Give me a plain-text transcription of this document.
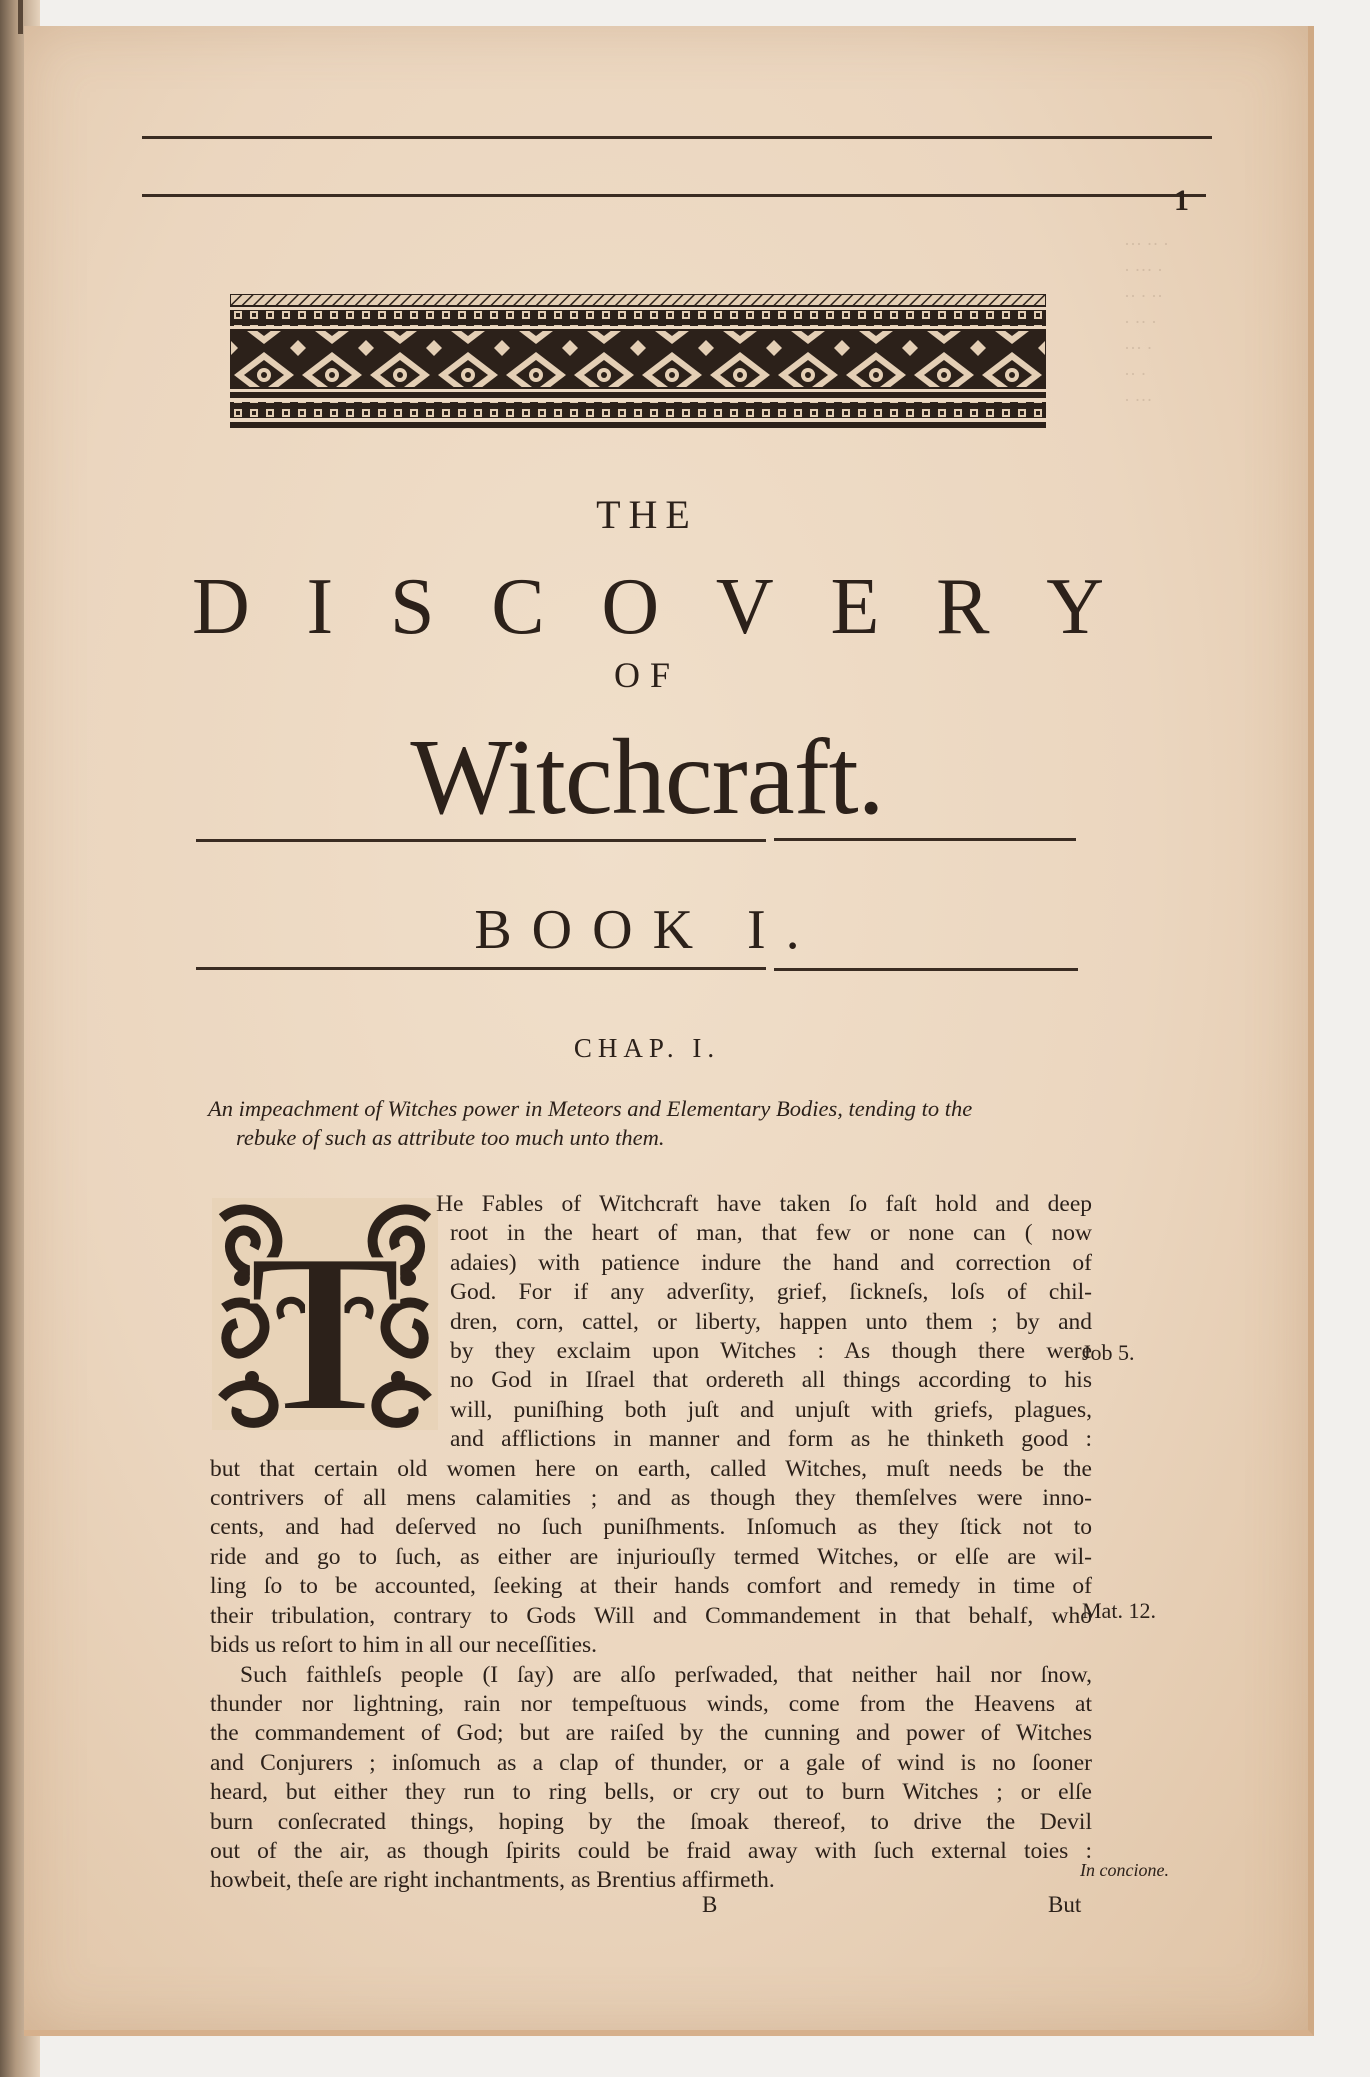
··· ·· ·
· ··· ·
·· · ··
· ·· ·
··· ·
·· ·
· ···
1
THE
D I S C O V E R Y
OF
Witchcraft.
BOOK I.
CHAP. I.
An impeachment of Witches power in Meteors and Elementary Bodies, tending to the
rebuke of such as attribute too much unto them.
T
He Fables of Witchcraft have taken ſo faſt hold and deep
root in the heart of man, that few or none can ( now
adaies) with patience indure the hand and correction of
God. For if any adverſity, grief, ſickneſs, loſs of chil-
dren, corn, cattel, or liberty, happen unto them ; by and
by they exclaim upon Witches : As though there were
no God in Iſrael that ordereth all things according to his
will, puniſhing both juſt and unjuſt with griefs, plagues,
and afflictions in manner and form as he thinketh good :
but that certain old women here on earth, called Witches, muſt needs be the
contrivers of all mens calamities ; and as though they themſelves were inno-
cents, and had deſerved no ſuch puniſhments. Inſomuch as they ſtick not to
ride and go to ſuch, as either are injuriouſly termed Witches, or elſe are wil-
ling ſo to be accounted, ſeeking at their hands comfort and remedy in time of
their tribulation, contrary to Gods Will and Commandement in that behalf, who
bids us reſort to him in all our neceſſities.
Such faithleſs people (I ſay) are alſo perſwaded, that neither hail nor ſnow,
thunder nor lightning, rain nor tempeſtuous winds, come from the Heavens at
the commandement of God; but are raiſed by the cunning and power of Witches
and Conjurers ; inſomuch as a clap of thunder, or a gale of wind is no ſooner
heard, but either they run to ring bells, or cry out to burn Witches ; or elſe
burn conſecrated things, hoping by the ſmoak thereof, to drive the Devil
out of the air, as though ſpirits could be fraid away with ſuch external toies :
howbeit, theſe are right inchantments, as Brentius affirmeth.
Job 5.
Mat. 12.
In concione.
B	But
